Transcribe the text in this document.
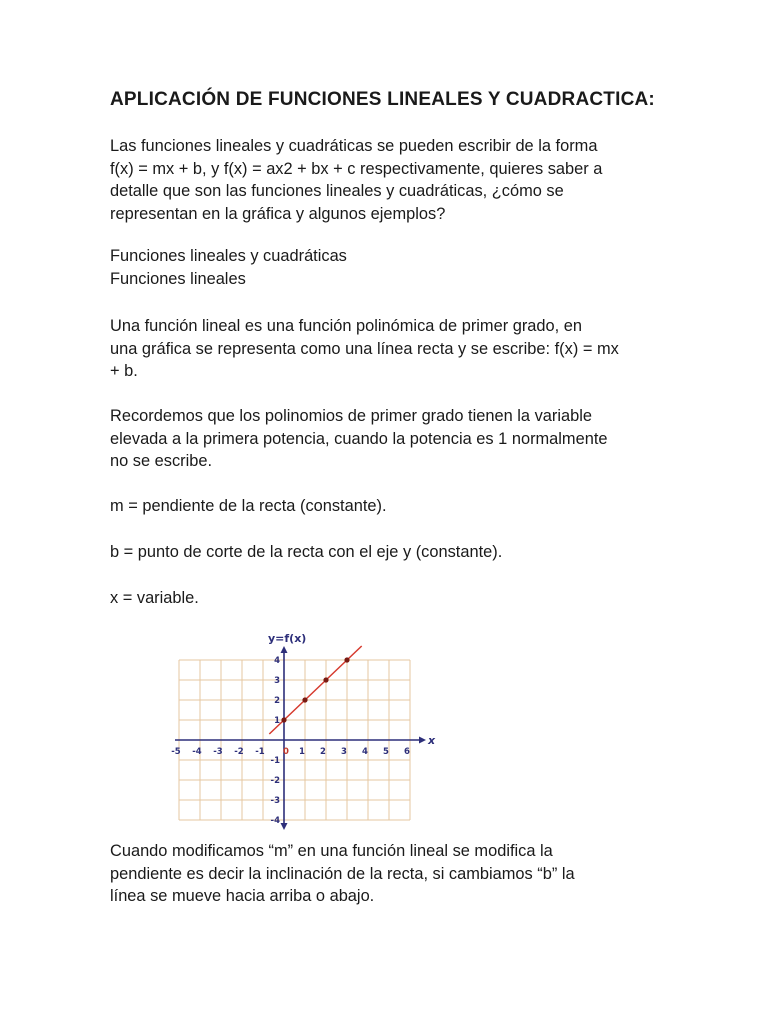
APLICACIÓN DE FUNCIONES LINEALES Y CUADRACTICA:

Las funciones lineales y cuadráticas se pueden escribir de la forma
f(x) = mx + b, y f(x) = ax2 + bx + c respectivamente, quieres saber a
detalle que son las funciones lineales y cuadráticas, ¿cómo se
representan en la gráfica y algunos ejemplos?

Funciones lineales y cuadráticas
Funciones lineales

Una función lineal es una función polinómica de primer grado, en
una gráfica se representa como una línea recta y se escribe: f(x) = mx
+ b.

Recordemos que los polinomios de primer grado tienen la variable
elevada a la primera potencia, cuando la potencia es 1 normalmente
no se escribe.

m = pendiente de la recta (constante).

b = punto de corte de la recta con el eje y (constante).

x = variable.

-5 -4 -3 -2 -1 0 1 2 3 4 5 6
-4
-3
-2
-1
1
2
3
4
y=f(x)
x

Cuando modificamos “m” en una función lineal se modifica la
pendiente es decir la inclinación de la recta, si cambiamos “b” la
línea se mueve hacia arriba o abajo.
